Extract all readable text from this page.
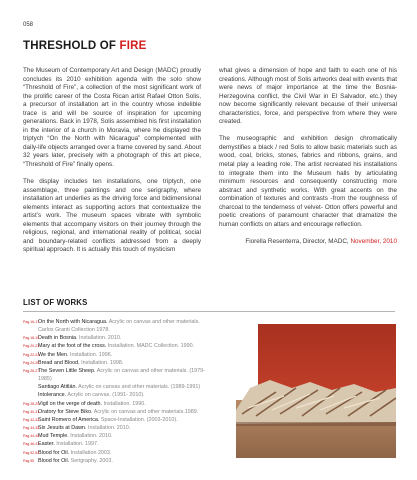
058
THRESHOLD OF FIRE

The Museum of Contemporary Art and Design (MADC) proudly concludes its 2010 exhibition agenda with the solo show “Threshold of Fire”, a collection of the most significant work of the prolific career of the Costa Rican artist Rafael Otton Solis, a precursor of installation art in the country whose indelible trace is and will be source of inspiration for upcoming generations. Back in 1978, Solis assembled his first installation in the interior of a church in Moravia, where he displayed the triptych “On the North with Nicaragua” complemented with daily-life objects arranged over a frame covered by sand. About 32 years later, precisely with a photograph of this art piece, “Threshold of Fire” finally opens.

The display includes ten installations, one triptych, one assemblage, three paintings and one serigraphy, where installation art underlies as the driving force and bidimensional elements interact as supporting actors that contextualize the artist’s work. The museum spaces vibrate with symbolic elements that accompany visitors on their journey through the religious, regional, and international reality of political, social and boundary-related conflicts addressed from a deeply spiritual approach. It is actually this touch of mysticism

what gives a dimension of hope and faith to each one of his creations. Although most of Solis artworks deal with events that were news of major importance at the time the Bosnia-Herzegovina conflict, the Civil War in El Salvador, etc.) they now become significantly relevant because of their universal characteristics, force, and perspective from where they were created.

The museographic and exhibition design chromatically demystifies a black / red Solis to allow basic materials such as wood, coal, bricks, stones, fabrics and ribbons, grains, and metal play a leading role. The artist recreated his installations to integrate them into the Museum halls by articulating minimum resources and consequently constructing more abstract and synthetic works. With great accents on the combination of textures and contrasts -from the roughness of charcoal to the tenderness of velvet- Otton offers powerful and poetic creations of paramount character that dramatize the human conflicts on altars and encourage reflection.

Fiorella Resenterra, Director, MADC, November, 2010

LIST OF WORKS
Pag.16-17
On the North with Nicaragua. Acrylic on canvas and other materials.
Carlos Granti Collection 1978.
Pag.18-19
Death in Bosnia. Installation. 2010.
Pag.20-21
Mary at the foot of the cross. Installation. MADC Collection. 1990.
Pag.22-23
We the Men. Installation. 1996.
Pag.24-25
Bread and Blood. Installation. 1998.
Pag.26-27
The Seven Little Sheep. Acrylic on canvas and other materials. (1979-1985)
Santiago Atitlán. Acrylic on canvas and other materials. (1989-1991)
Intolerance. Acrylic on canvas. (1991- 2010).
Pag.28-29
Vigil on the verge of death. Installation. 1990.
Pag.30-31
Oratory for Steve Biko. Acrylic on canvas and other materials.1989.
Pag.32-33
Saint Romero of America. Space-Installation. (2003-2010).
Pag.34-35
Six Jesuits at Dawn. Installation. 2010.
Pag.44-45
Mud Temple. Installation. 2010.
Pag.46-47
Easter. Installation. 1997.
Pag.52-54
Blood for Oil. Installation 2003.
Pag.55 Blood for Oil. Serigraphy. 2003.
